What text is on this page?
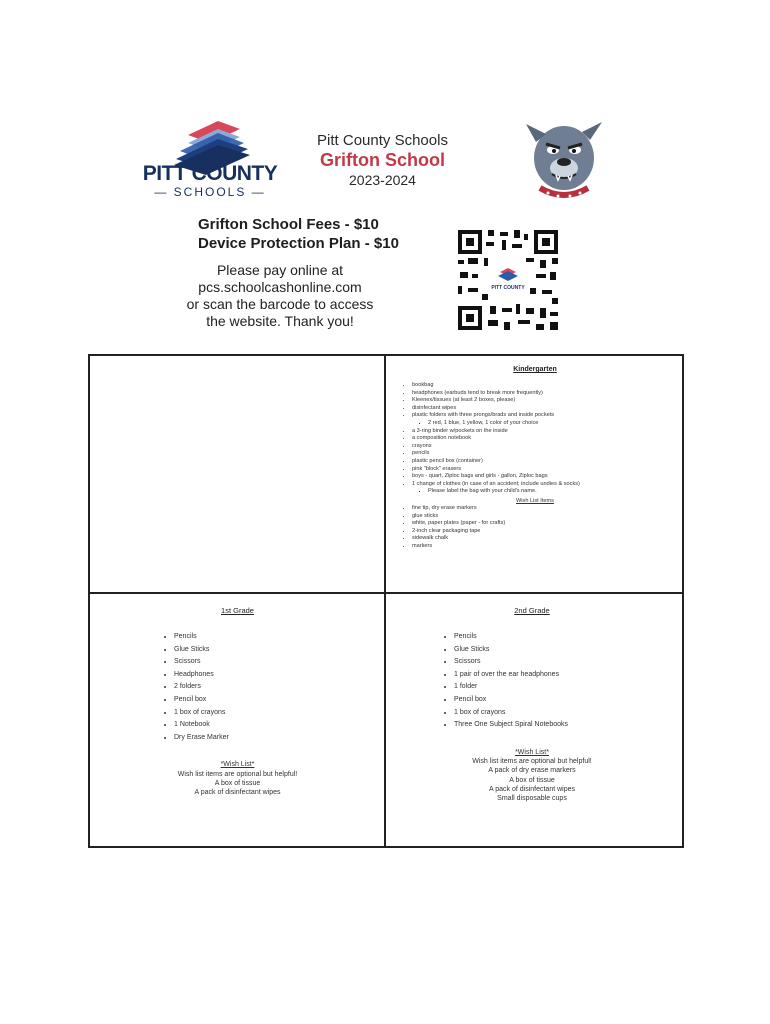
PITT COUNTY
— SCHOOLS —
Pitt County Schools
Grifton School
2023-2024
Grifton School Fees - $10
Device Protection Plan - $10
Please pay online at
pcs.schoolcashonline.com
or scan the barcode to access
the website. Thank you!
PITT COUNTY
Kindergarten
• bookbag
• headphones (earbuds tend to break more frequently)
• Kleenex/tissues (at least 2 boxes, please)
• disinfectant wipes
• plastic folders with three prongs/brads and inside pockets
▪ 2 red, 1 blue, 1 yellow, 1 color of your choice
• a 3-ring binder w/pockets on the inside
• a composition notebook
• crayons
• pencils
• plastic pencil box (container)
• pink "block" erasers
• boys - quart, Ziploc bags and girls - gallon, Ziploc bags
• 1 change of clothes (in case of an accident; include undies & socks)
▪ Please label the bag with your child's name.
Wish List Items
• fine tip, dry erase markers
• glue sticks
• white, paper plates (paper - for crafts)
• 2-inch clear packaging tape
• sidewalk chalk
• markers
1st Grade
• Pencils
• Glue Sticks
• Scissors
• Headphones
• 2 folders
• Pencil box
• 1 box of crayons
• 1 Notebook
• Dry Erase Marker
*Wish List*
Wish list items are optional but helpful!
A box of tissue
A pack of disinfectant wipes
2nd Grade
• Pencils
• Glue Sticks
• Scissors
• 1 pair of over the ear headphones
• 1 folder
• Pencil box
• 1 box of crayons
• Three One Subject Spiral Notebooks
*Wish List*
Wish list items are optional but helpful!
A pack of dry erase markers
A box of tissue
A pack of disinfectant wipes
Small disposable cups
